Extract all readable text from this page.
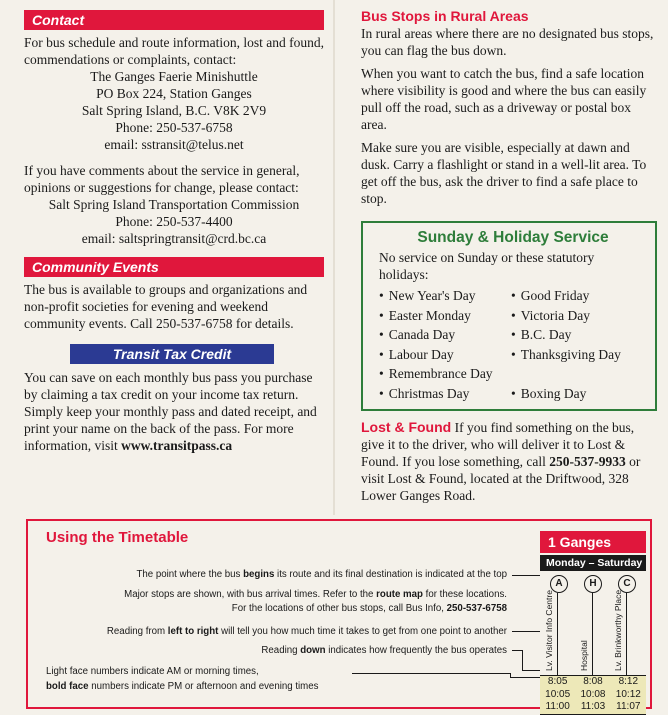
Contact
For bus schedule and route information, lost and found, commendations or complaints, contact:
The Ganges Faerie Minishuttle
PO Box 224, Station Ganges
Salt Spring Island, B.C. V8K 2V9
Phone: 250-537-6758
email: sstransit@telus.net
If you have comments about the service in general, opinions or suggestions for change, please contact:
Salt Spring Island Transportation Commission
Phone: 250-537-4400
email: saltspringtransit@crd.bc.ca
Community Events
The bus is available to groups and organizations and non-profit societies for evening and weekend community events. Call 250-537-6758 for details.
Transit Tax Credit
You can save on each monthly bus pass you purchase by claiming a tax credit on your income tax return. Simply keep your monthly pass and dated receipt, and print your name on the back of the pass. For more information, visit www.transitpass.ca
Bus Stops in Rural Areas
In rural areas where there are no designated bus stops, you can flag the bus down.
When you want to catch the bus, find a safe location where visibility is good and where the bus can easily pull off the road, such as a driveway or postal box area.
Make sure you are visible, especially at dawn and dusk. Carry a flashlight or stand in a well-lit area. To get off the bus, ask the driver to find a safe place to stop.
Sunday & Holiday Service
No service on Sunday or these statutory holidays:
• New Year's Day	• Good Friday
• Easter Monday	• Victoria Day
• Canada Day	• B.C. Day
• Labour Day	• Thanksgiving Day
• Remembrance Day
• Christmas Day	• Boxing Day
Lost & Found If you find something on the bus, give it to the driver, who will deliver it to Lost & Found. If you lose something, call 250-537-9933 or visit Lost & Found, located at the Driftwood, 328 Lower Ganges Road.
Using the Timetable
The point where the bus begins its route and its final destination is indicated at the top
Major stops are shown, with bus arrival times. Refer to the route map for these locations.
For the locations of other bus stops, call Bus Info, 250-537-6758
Reading from left to right will tell you how much time it takes to get from one point to another
Reading down indicates how frequently the bus operates
Light face numbers indicate AM or morning times,
bold face numbers indicate PM or afternoon and evening times
1 Ganges
Monday – Saturday
A	H	C
Lv. Visitor Info Centre	Hospital	Lv. Brinkworthy Place
8:05	8:08	8:12
10:05	10:08	10:12
11:00	11:03	11:07
